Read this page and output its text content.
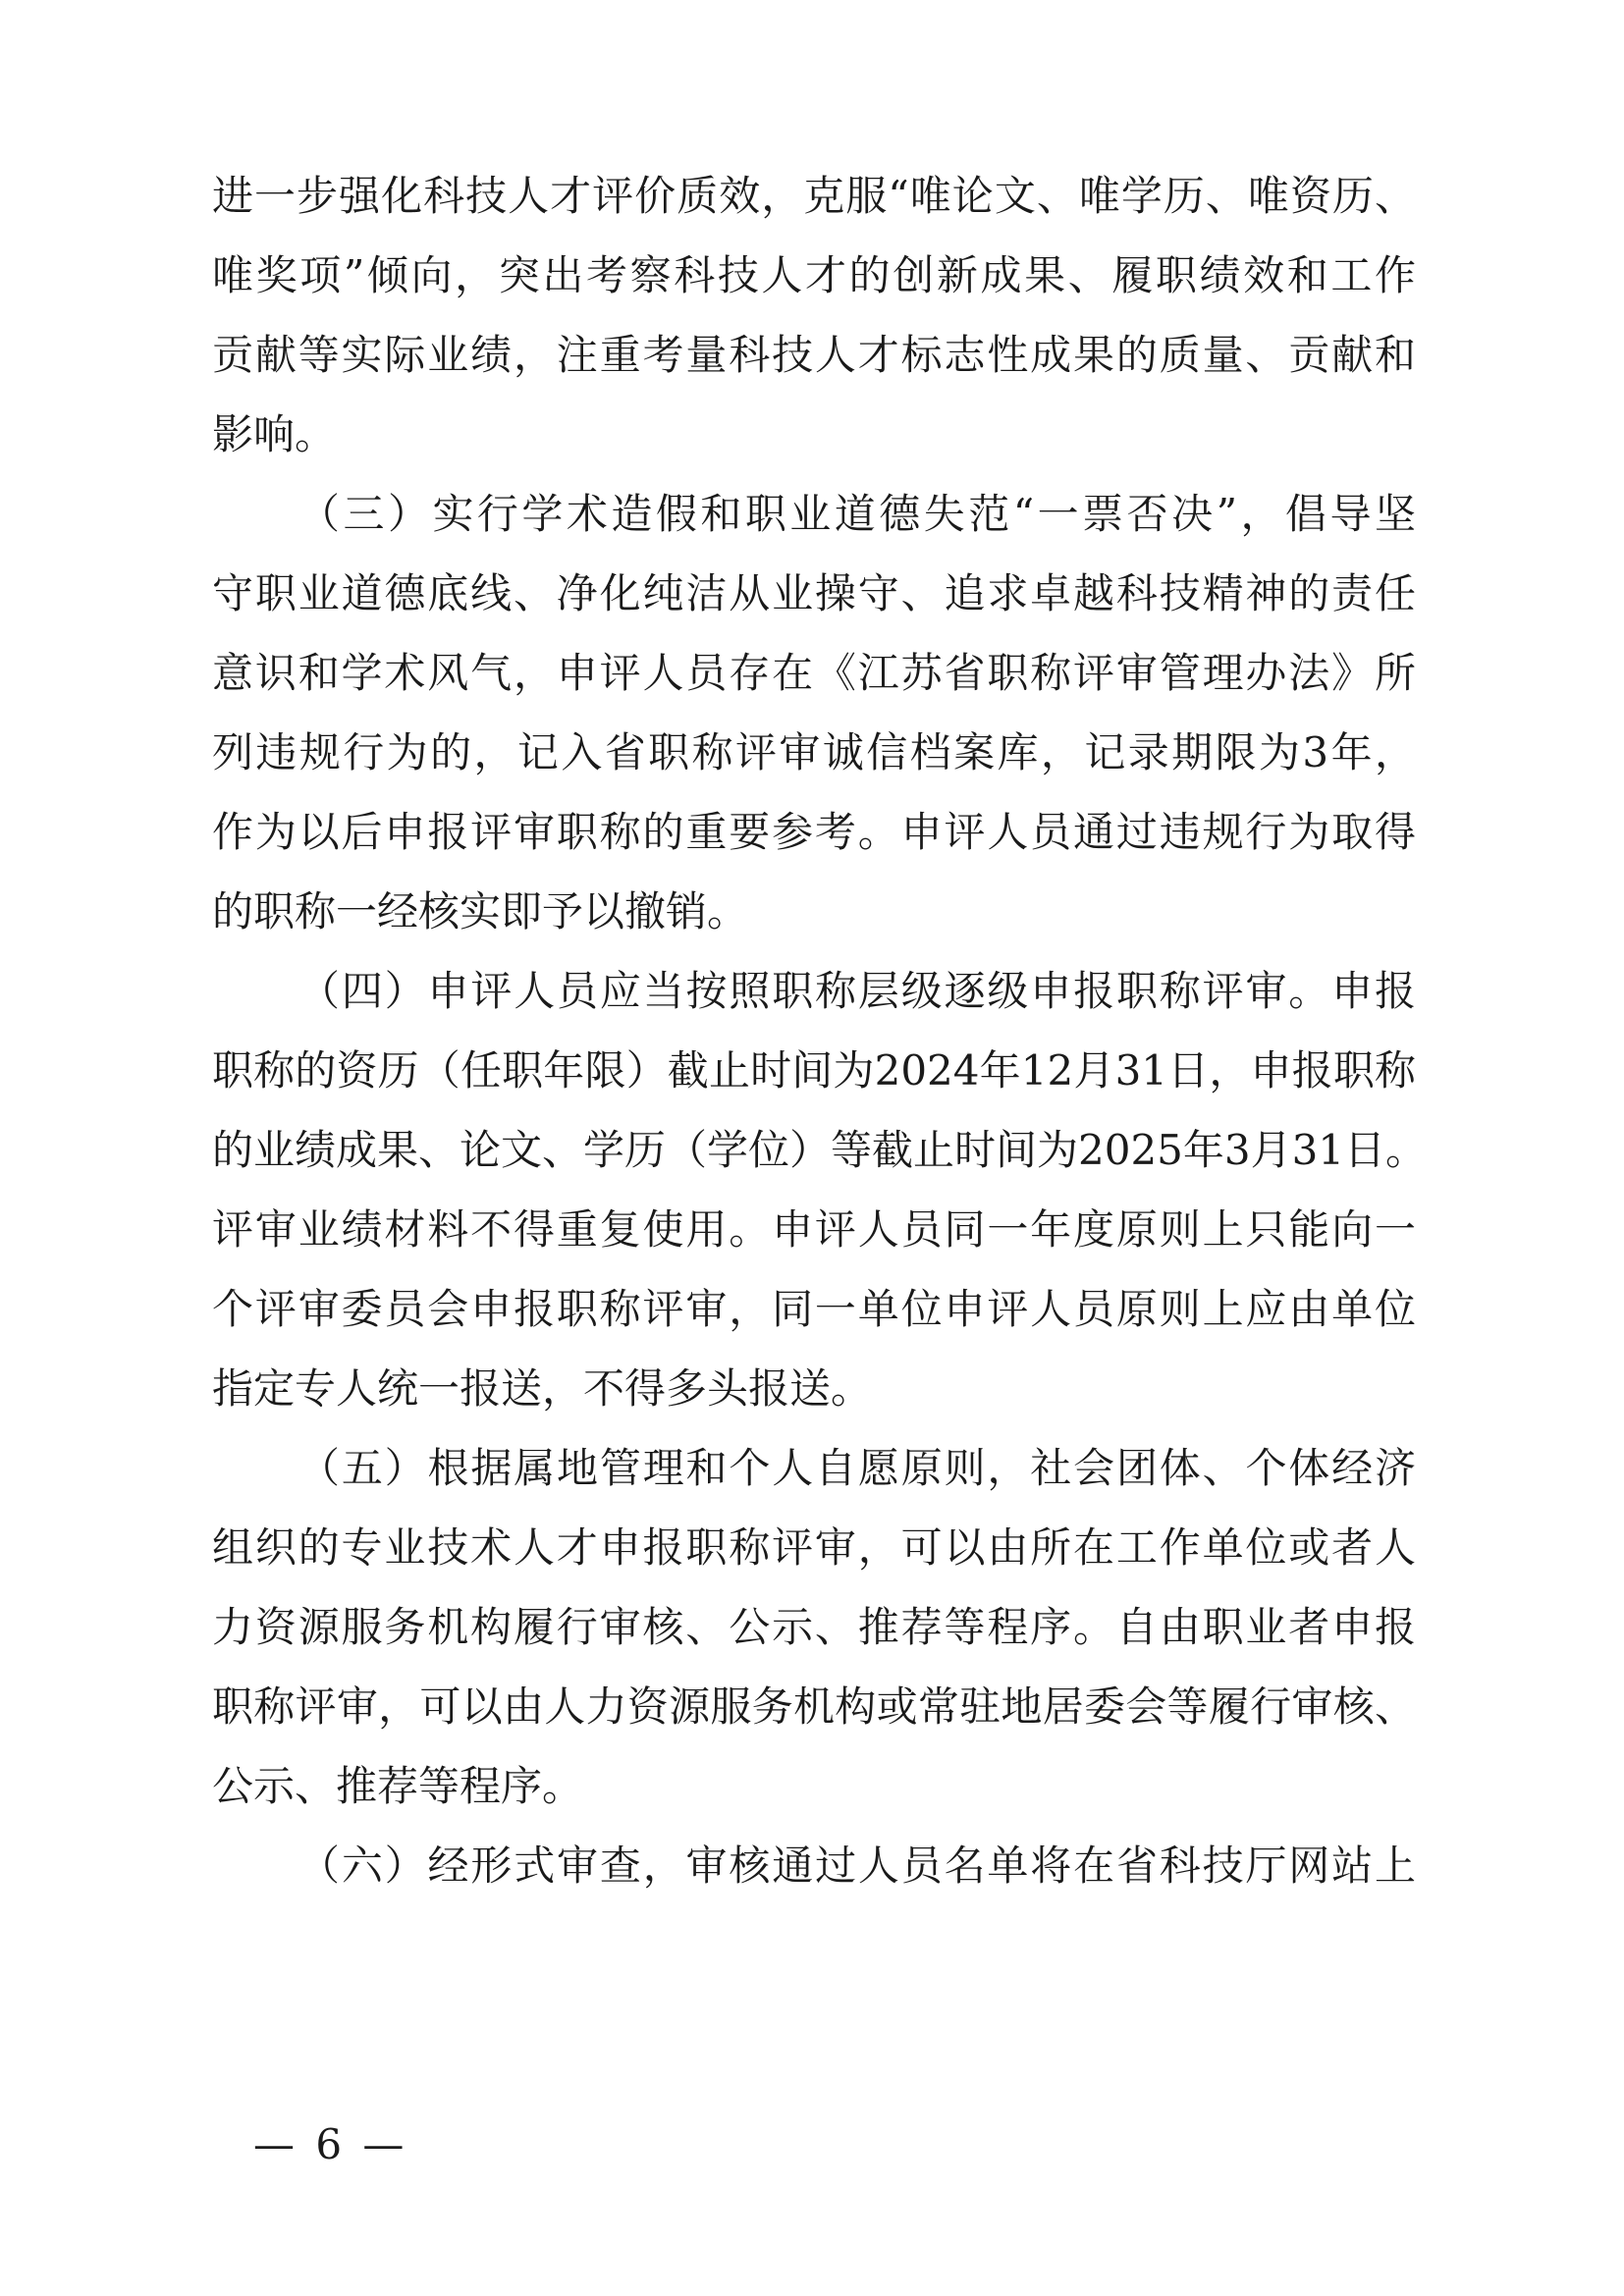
进一步强化科技人才评价质效，克服“唯论文、唯学历、唯资历、
唯奖项”倾向，突出考察科技人才的创新成果、履职绩效和工作
贡献等实际业绩，注重考量科技人才标志性成果的质量、贡献和
影响。
（三）实行学术造假和职业道德失范“一票否决”，倡导坚
守职业道德底线、净化纯洁从业操守、追求卓越科技精神的责任
意识和学术风气，申评人员存在《江苏省职称评审管理办法》所
列违规行为的，记入省职称评审诚信档案库，记录期限为3年，
作为以后申报评审职称的重要参考。申评人员通过违规行为取得
的职称一经核实即予以撤销。
（四）申评人员应当按照职称层级逐级申报职称评审。申报
职称的资历（任职年限）截止时间为2024年12月31日，申报职称
的业绩成果、论文、学历（学位）等截止时间为2025年3月31日。
评审业绩材料不得重复使用。申评人员同一年度原则上只能向一
个评审委员会申报职称评审，同一单位申评人员原则上应由单位
指定专人统一报送，不得多头报送。
（五）根据属地管理和个人自愿原则，社会团体、个体经济
组织的专业技术人才申报职称评审，可以由所在工作单位或者人
力资源服务机构履行审核、公示、推荐等程序。自由职业者申报
职称评审，可以由人力资源服务机构或常驻地居委会等履行审核、
公示、推荐等程序。
（六）经形式审查，审核通过人员名单将在省科技厅网站上
— 6 —
